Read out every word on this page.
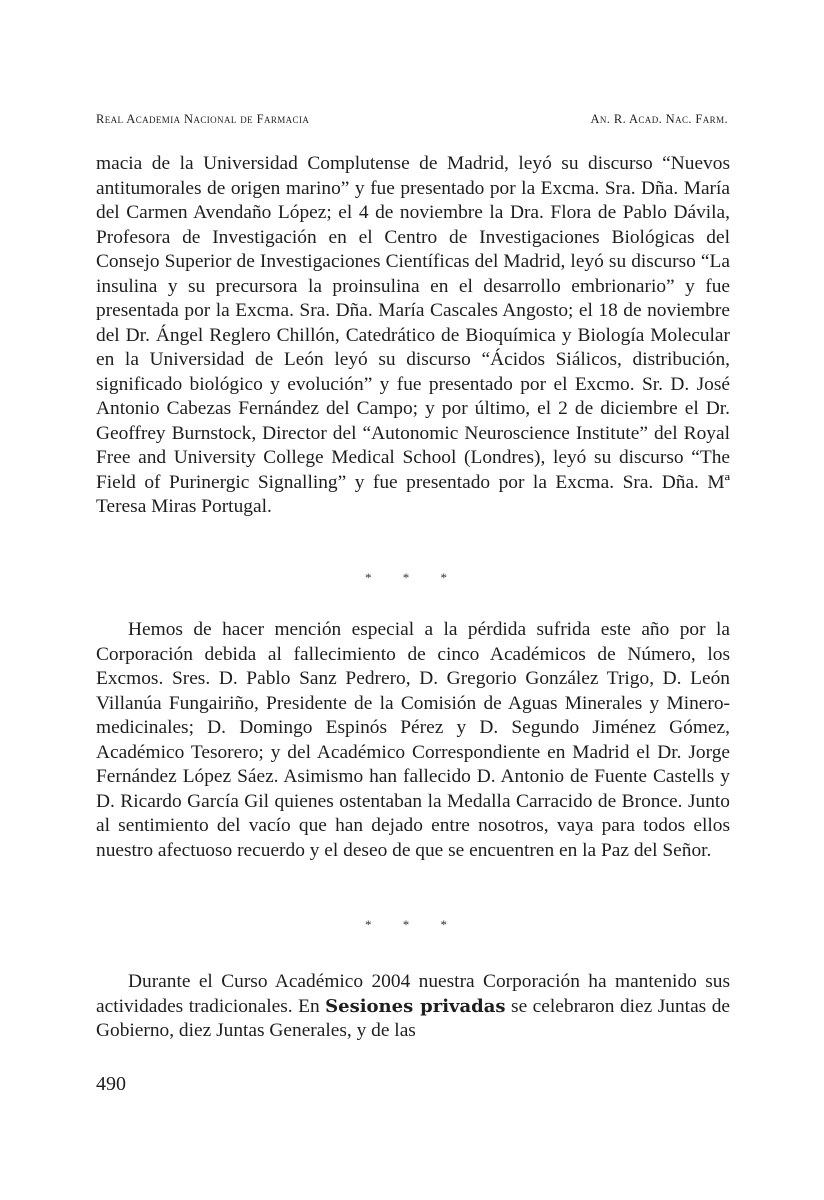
Real Academia Nacional de Farmacia	An. R. Acad. Nac. Farm.

macia de la Universidad Complutense de Madrid, leyó su discurso “Nuevos antitumorales de origen marino” y fue presentado por la Excma. Sra. Dña. María del Carmen Avendaño López; el 4 de noviembre la Dra. Flora de Pablo Dávila, Profesora de Investigación en el Centro de Investigaciones Biológicas del Consejo Superior de Investigaciones Científicas del Madrid, leyó su discurso “La insulina y su precursora la proinsulina en el desarrollo embrionario” y fue presentada por la Excma. Sra. Dña. María Cascales Angosto; el 18 de noviembre del Dr. Ángel Reglero Chillón, Catedrático de Bioquímica y Biología Molecular en la Universidad de León leyó su discurso “Ácidos Siálicos, distribución, significado biológico y evolución” y fue presentado por el Excmo. Sr. D. José Antonio Cabezas Fernández del Campo; y por último, el 2 de diciembre el Dr. Geoffrey Burnstock, Director del “Autonomic Neuroscience Institute” del Royal Free and University College Medical School (Londres), leyó su discurso “The Field of Purinergic Signalling” y fue presentado por la Excma. Sra. Dña. Mª Teresa Miras Portugal.

* * *

Hemos de hacer mención especial a la pérdida sufrida este año por la Corporación debida al fallecimiento de cinco Académicos de Número, los Excmos. Sres. D. Pablo Sanz Pedrero, D. Gregorio González Trigo, D. León Villanúa Fungairiño, Presidente de la Comisión de Aguas Minerales y Minero-medicinales; D. Domingo Espinós Pérez y D. Segundo Jiménez Gómez, Académico Tesorero; y del Académico Correspondiente en Madrid el Dr. Jorge Fernández López Sáez. Asimismo han fallecido D. Antonio de Fuente Castells y D. Ricardo García Gil quienes ostentaban la Medalla Carracido de Bronce. Junto al sentimiento del vacío que han dejado entre nosotros, vaya para todos ellos nuestro afectuoso recuerdo y el deseo de que se encuentren en la Paz del Señor.

* * *

Durante el Curso Académico 2004 nuestra Corporación ha mantenido sus actividades tradicionales. En Sesiones privadas se celebraron diez Juntas de Gobierno, diez Juntas Generales, y de las

490
